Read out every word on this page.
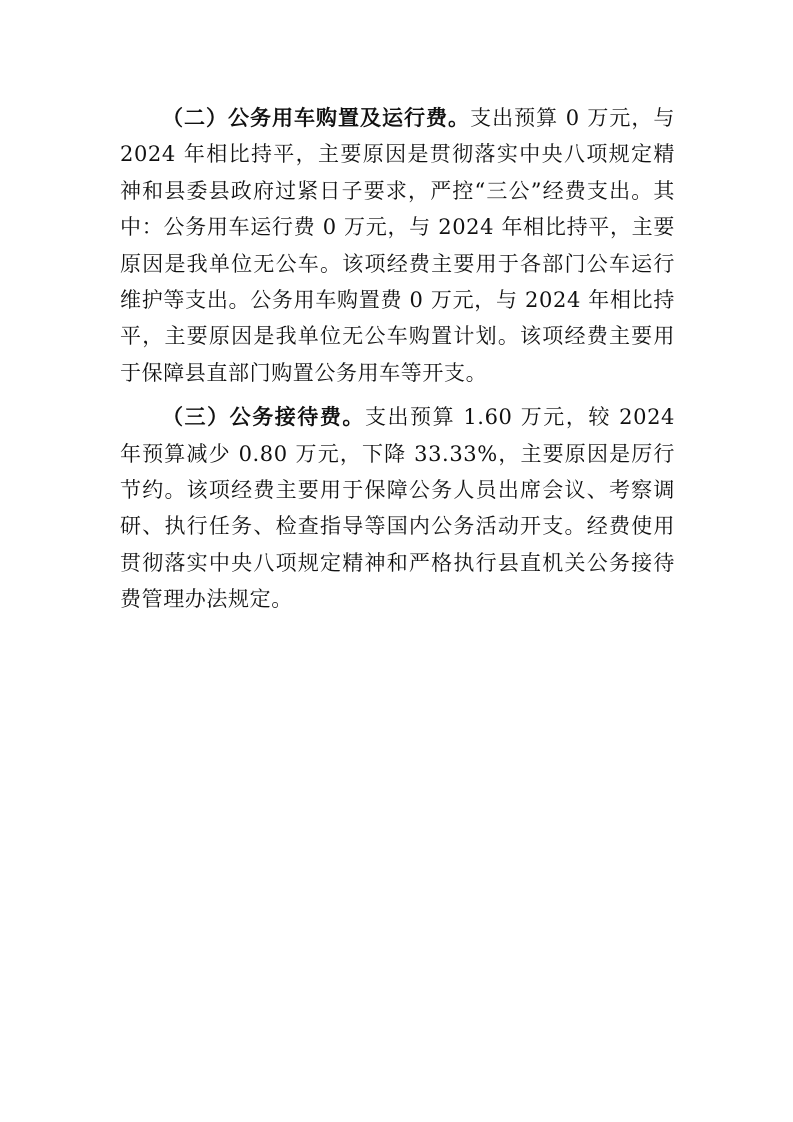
（二）公务用车购置及运行费。支出预算 0 万元，与 2024 年相比持平，主要原因是贯彻落实中央八项规定精神和县委县政府过紧日子要求，严控“三公”经费支出。其中：公务用车运行费 0 万元，与 2024 年相比持平，主要原因是我单位无公车。该项经费主要用于各部门公车运行维护等支出。公务用车购置费 0 万元，与 2024 年相比持平，主要原因是我单位无公车购置计划。该项经费主要用于保障县直部门购置公务用车等开支。

（三）公务接待费。支出预算 1.60 万元，较 2024 年预算减少 0.80 万元，下降 33.33%，主要原因是厉行节约。该项经费主要用于保障公务人员出席会议、考察调研、执行任务、检查指导等国内公务活动开支。经费使用贯彻落实中央八项规定精神和严格执行县直机关公务接待费管理办法规定。
